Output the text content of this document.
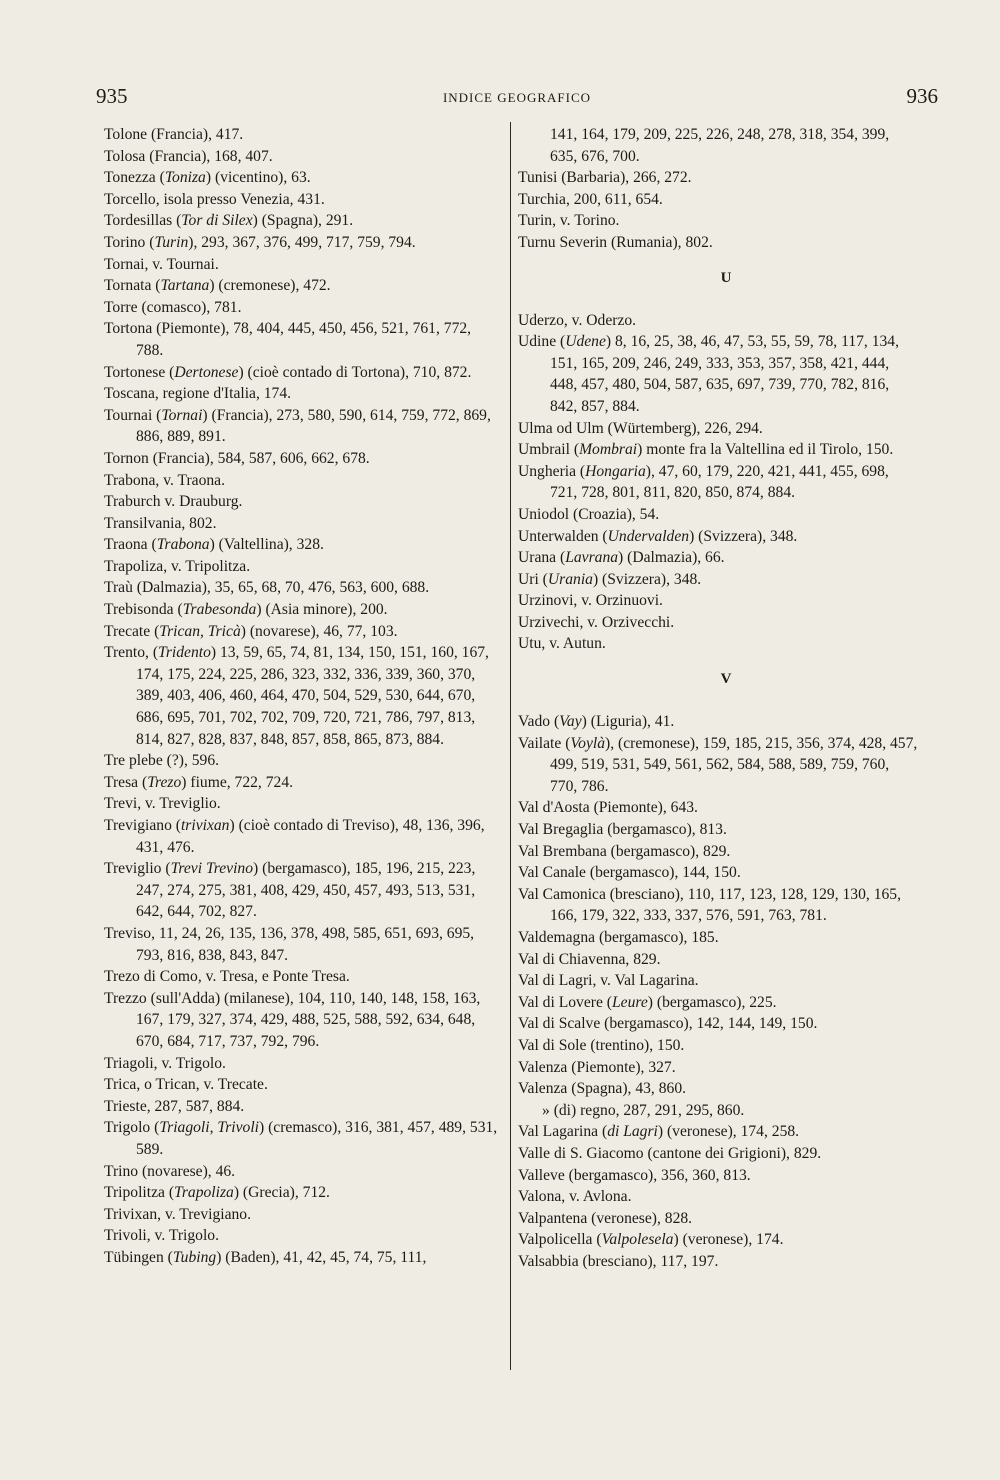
935	INDICE GEOGRAFICO	936
Tolone (Francia), 417.
Tolosa (Francia), 168, 407.
Tonezza (Toniza) (vicentino), 63.
Torcello, isola presso Venezia, 431.
Tordesillas (Tor di Silex) (Spagna), 291.
Torino (Turin), 293, 367, 376, 499, 717, 759, 794.
Tornai, v. Tournai.
Tornata (Tartana) (cremonese), 472.
Torre (comasco), 781.
Tortona (Piemonte), 78, 404, 445, 450, 456, 521, 761, 772, 788.
Tortonese (Dertonese) (cioè contado di Tortona), 710, 872.
Toscana, regione d'Italia, 174.
Tournai (Tornai) (Francia), 273, 580, 590, 614, 759, 772, 869, 886, 889, 891.
Tornon (Francia), 584, 587, 606, 662, 678.
Trabona, v. Traona.
Traburch v. Drauburg.
Transilvania, 802.
Traona (Trabona) (Valtellina), 328.
Trapoliza, v. Tripolitza.
Traù (Dalmazia), 35, 65, 68, 70, 476, 563, 600, 688.
Trebisonda (Trabesonda) (Asia minore), 200.
Trecate (Trican, Tricà) (novarese), 46, 77, 103.
Trento, (Tridento) 13, 59, 65, 74, 81, 134, 150, 151, 160, 167, 174, 175, 224, 225, 286, 323, 332, 336, 339, 360, 370, 389, 403, 406, 460, 464, 470, 504, 529, 530, 644, 670, 686, 695, 701, 702, 702, 709, 720, 721, 786, 797, 813, 814, 827, 828, 837, 848, 857, 858, 865, 873, 884.
Tre plebe (?), 596.
Tresa (Trezo) fiume, 722, 724.
Trevi, v. Treviglio.
Trevigiano (trivixan) (cioè contado di Treviso), 48, 136, 396, 431, 476.
Treviglio (Trevi Trevino) (bergamasco), 185, 196, 215, 223, 247, 274, 275, 381, 408, 429, 450, 457, 493, 513, 531, 642, 644, 702, 827.
Treviso, 11, 24, 26, 135, 136, 378, 498, 585, 651, 693, 695, 793, 816, 838, 843, 847.
Trezo di Como, v. Tresa, e Ponte Tresa.
Trezzo (sull'Adda) (milanese), 104, 110, 140, 148, 158, 163, 167, 179, 327, 374, 429, 488, 525, 588, 592, 634, 648, 670, 684, 717, 737, 792, 796.
Triagoli, v. Trigolo.
Trica, o Trican, v. Trecate.
Trieste, 287, 587, 884.
Trigolo (Triagoli, Trivoli) (cremasco), 316, 381, 457, 489, 531, 589.
Trino (novarese), 46.
Tripolitza (Trapoliza) (Grecia), 712.
Trivixan, v. Trevigiano.
Trivoli, v. Trigolo.
Tübingen (Tubing) (Baden), 41, 42, 45, 74, 75, 111,
141, 164, 179, 209, 225, 226, 248, 278, 318, 354, 399, 635, 676, 700.
Tunisi (Barbaria), 266, 272.
Turchia, 200, 611, 654.
Turin, v. Torino.
Turnu Severin (Rumania), 802.
U
Uderzo, v. Oderzo.
Udine (Udene) 8, 16, 25, 38, 46, 47, 53, 55, 59, 78, 117, 134, 151, 165, 209, 246, 249, 333, 353, 357, 358, 421, 444, 448, 457, 480, 504, 587, 635, 697, 739, 770, 782, 816, 842, 857, 884.
Ulma od Ulm (Würtemberg), 226, 294.
Umbrail (Mombrai) monte fra la Valtellina ed il Tirolo, 150.
Ungheria (Hongaria), 47, 60, 179, 220, 421, 441, 455, 698, 721, 728, 801, 811, 820, 850, 874, 884.
Uniodol (Croazia), 54.
Unterwalden (Undervalden) (Svizzera), 348.
Urana (Lavrana) (Dalmazia), 66.
Uri (Urania) (Svizzera), 348.
Urzinovi, v. Orzinuovi.
Urzivechi, v. Orzivecchi.
Utu, v. Autun.
V
Vado (Vay) (Liguria), 41.
Vailate (Voylà), (cremonese), 159, 185, 215, 356, 374, 428, 457, 499, 519, 531, 549, 561, 562, 584, 588, 589, 759, 760, 770, 786.
Val d'Aosta (Piemonte), 643.
Val Bregaglia (bergamasco), 813.
Val Brembana (bergamasco), 829.
Val Canale (bergamasco), 144, 150.
Val Camonica (bresciano), 110, 117, 123, 128, 129, 130, 165, 166, 179, 322, 333, 337, 576, 591, 763, 781.
Valdemagna (bergamasco), 185.
Val di Chiavenna, 829.
Val di Lagri, v. Val Lagarina.
Val di Lovere (Leure) (bergamasco), 225.
Val di Scalve (bergamasco), 142, 144, 149, 150.
Val di Sole (trentino), 150.
Valenza (Piemonte), 327.
Valenza (Spagna), 43, 860.
» (di) regno, 287, 291, 295, 860.
Val Lagarina (di Lagri) (veronese), 174, 258.
Valle di S. Giacomo (cantone dei Grigioni), 829.
Valleve (bergamasco), 356, 360, 813.
Valona, v. Avlona.
Valpantena (veronese), 828.
Valpolicella (Valpolesela) (veronese), 174.
Valsabbia (bresciano), 117, 197.
